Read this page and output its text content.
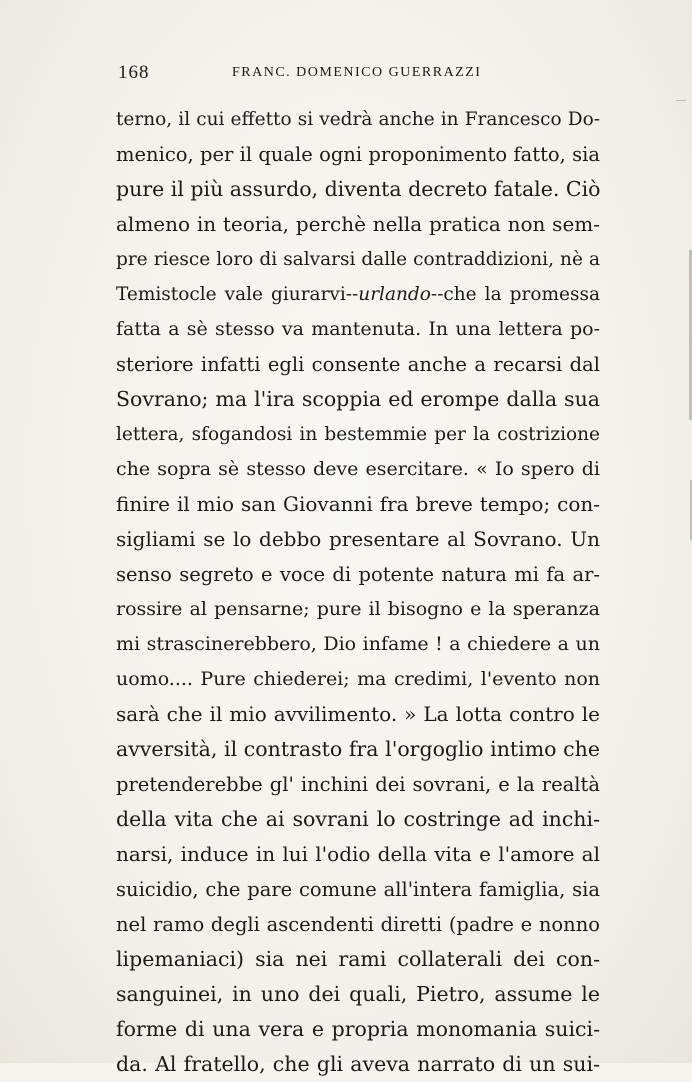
168	FRANC. DOMENICO GUERRAZZI
terno, il cui effetto si vedrà anche in Francesco Do-
menico, per il quale ogni proponimento fatto, sia
pure il più assurdo, diventa decreto fatale. Ciò
almeno in teoria, perchè nella pratica non sem-
pre riesce loro di salvarsi dalle contraddizioni, nè a
Temistocle vale giurarvi--urlando--che la promessa
fatta a sè stesso va mantenuta. In una lettera po-
steriore infatti egli consente anche a recarsi dal
Sovrano; ma l'ira scoppia ed erompe dalla sua
lettera, sfogandosi in bestemmie per la costrizione
che sopra sè stesso deve esercitare. « Io spero di
finire il mio san Giovanni fra breve tempo; con-
sigliami se lo debbo presentare al Sovrano. Un
senso segreto e voce di potente natura mi fa ar-
rossire al pensarne; pure il bisogno e la speranza
mi strascinerebbero, Dio infame ! a chiedere a un
uomo.... Pure chiederei; ma credimi, l'evento non
sarà che il mio avvilimento. » La lotta contro le
avversità, il contrasto fra l'orgoglio intimo che
pretenderebbe gl' inchini dei sovrani, e la realtà
della vita che ai sovrani lo costringe ad inchi-
narsi, induce in lui l'odio della vita e l'amore al
suicidio, che pare comune all'intera famiglia, sia
nel ramo degli ascendenti diretti (padre e nonno
lipemaniaci) sia nei rami collaterali dei con-
sanguinei, in uno dei quali, Pietro, assume le
forme di una vera e propria monomania suici-
da. Al fratello, che gli aveva narrato di un sui-
